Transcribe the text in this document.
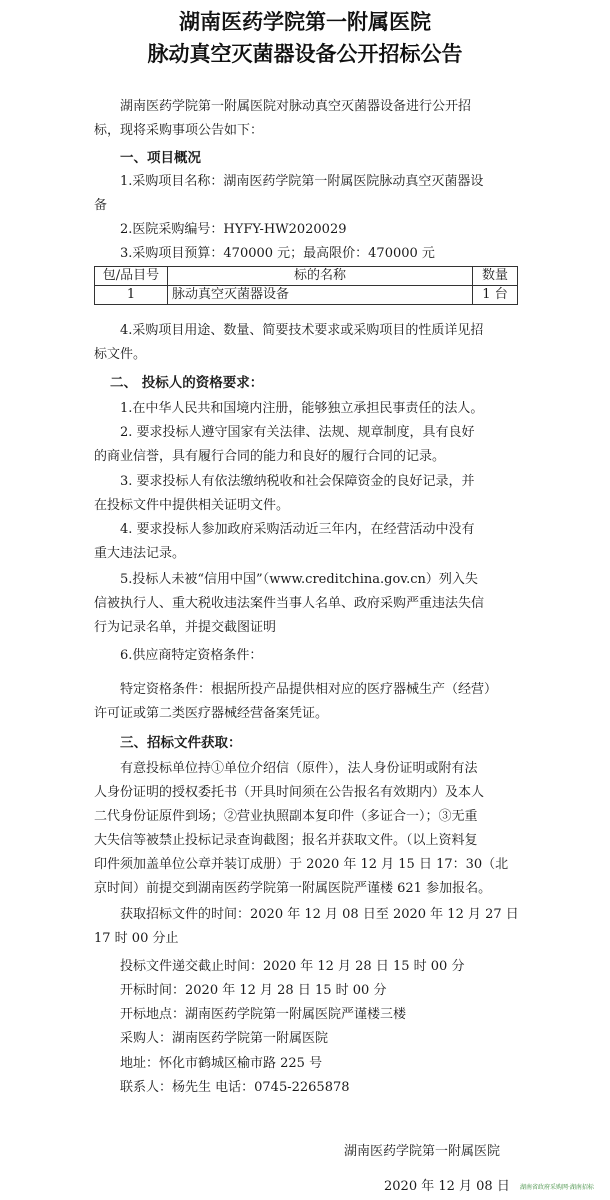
湖南医药学院第一附属医院
脉动真空灭菌器设备公开招标公告
湖南医药学院第一附属医院对脉动真空灭菌器设备进行公开招
标，现将采购事项公告如下：
一、项目概况
1.采购项目名称：湖南医药学院第一附属医院脉动真空灭菌器设
备
2.医院采购编号：HYFY-HW2020029
3.采购项目预算：470000 元；最高限价：470000 元
包/品目号	标的名称	数量
1	脉动真空灭菌器设备	1 台
4.采购项目用途、数量、简要技术要求或采购项目的性质详见招
标文件。
二、 投标人的资格要求：
1.在中华人民共和国境内注册，能够独立承担民事责任的法人。
2. 要求投标人遵守国家有关法律、法规、规章制度，具有良好
的商业信誉，具有履行合同的能力和良好的履行合同的记录。
3. 要求投标人有依法缴纳税收和社会保障资金的良好记录，并
在投标文件中提供相关证明文件。
4. 要求投标人参加政府采购活动近三年内，在经营活动中没有
重大违法记录。
5.投标人未被“信用中国”（www.creditchina.gov.cn）列入失
信被执行人、重大税收违法案件当事人名单、政府采购严重违法失信
行为记录名单，并提交截图证明
6.供应商特定资格条件：
特定资格条件：根据所投产品提供相对应的医疗器械生产（经营）
许可证或第二类医疗器械经营备案凭证。
三、招标文件获取：
有意投标单位持①单位介绍信（原件），法人身份证明或附有法
人身份证明的授权委托书（开具时间须在公告报名有效期内）及本人
二代身份证原件到场；②营业执照副本复印件（多证合一）；③无重
大失信等被禁止投标记录查询截图；报名并获取文件。（以上资料复
印件须加盖单位公章并装订成册）于 2020 年 12 月 15 日 17：30（北
京时间）前提交到湖南医药学院第一附属医院严谨楼 621 参加报名。
获取招标文件的时间：2020 年 12 月 08 日至 2020 年 12 月 27 日
17 时 00 分止
投标文件递交截止时间：2020 年 12 月 28 日 15 时 00 分
开标时间：2020 年 12 月 28 日 15 时 00 分
开标地点：湖南医药学院第一附属医院严谨楼三楼
采购人：湖南医药学院第一附属医院
地址：怀化市鹤城区榆市路 225 号
联系人：杨先生 电话：0745-2265878
湖南医药学院第一附属医院
2020 年 12 月 08 日 湖南省政府采购网·湖南招标
